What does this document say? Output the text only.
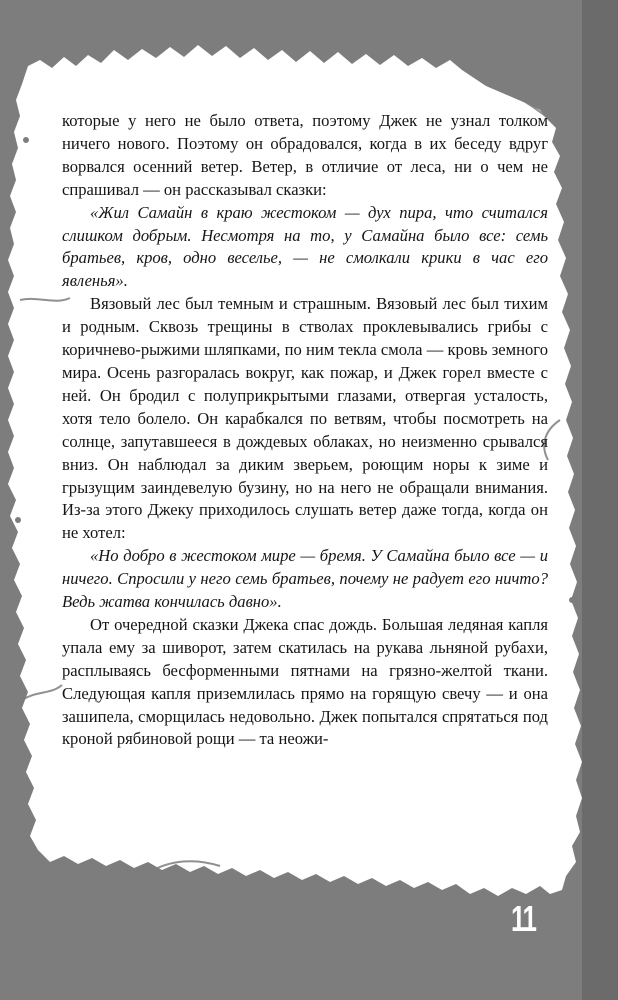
которые у него не было ответа, поэтому Джек не узнал толком ничего нового. Поэтому он обрадовался, когда в их беседу вдруг ворвался осенний ветер. Ветер, в отличие от леса, ни о чем не спрашивал — он рассказывал сказки:

«Жил Самайн в краю жестоком — дух пира, что считался слишком добрым. Несмотря на то, у Самайна было все: семь братьев, кров, одно веселье, — не смолкали крики в час его явленья».

Вязовый лес был темным и страшным. Вязовый лес был тихим и родным. Сквозь трещины в стволах проклевывались грибы с коричнево-рыжими шляпками, по ним текла смола — кровь земного мира. Осень разгоралась вокруг, как пожар, и Джек горел вместе с ней. Он бродил с полуприкрытыми глазами, отвергая усталость, хотя тело болело. Он карабкался по ветвям, чтобы посмотреть на солнце, запутавшееся в дождевых облаках, но неизменно срывался вниз. Он наблюдал за диким зверьем, роющим норы к зиме и грызущим заиндевелую бузину, но на него не обращали внимания. Из-за этого Джеку приходилось слушать ветер даже тогда, когда он не хотел:

«Но добро в жестоком мире — бремя. У Самайна было все — и ничего. Спросили у него семь братьев, почему не радует его ничто? Ведь жатва кончилась давно».

От очередной сказки Джека спас дождь. Большая ледяная капля упала ему за шиворот, затем скатилась на рукава льняной рубахи, расплываясь бесформенными пятнами на грязно-желтой ткани. Следующая капля приземлилась прямо на горящую свечу — и она зашипела, сморщилась недовольно. Джек попытался спрятаться под кроной рябиновой рощи — та неожи-

11
